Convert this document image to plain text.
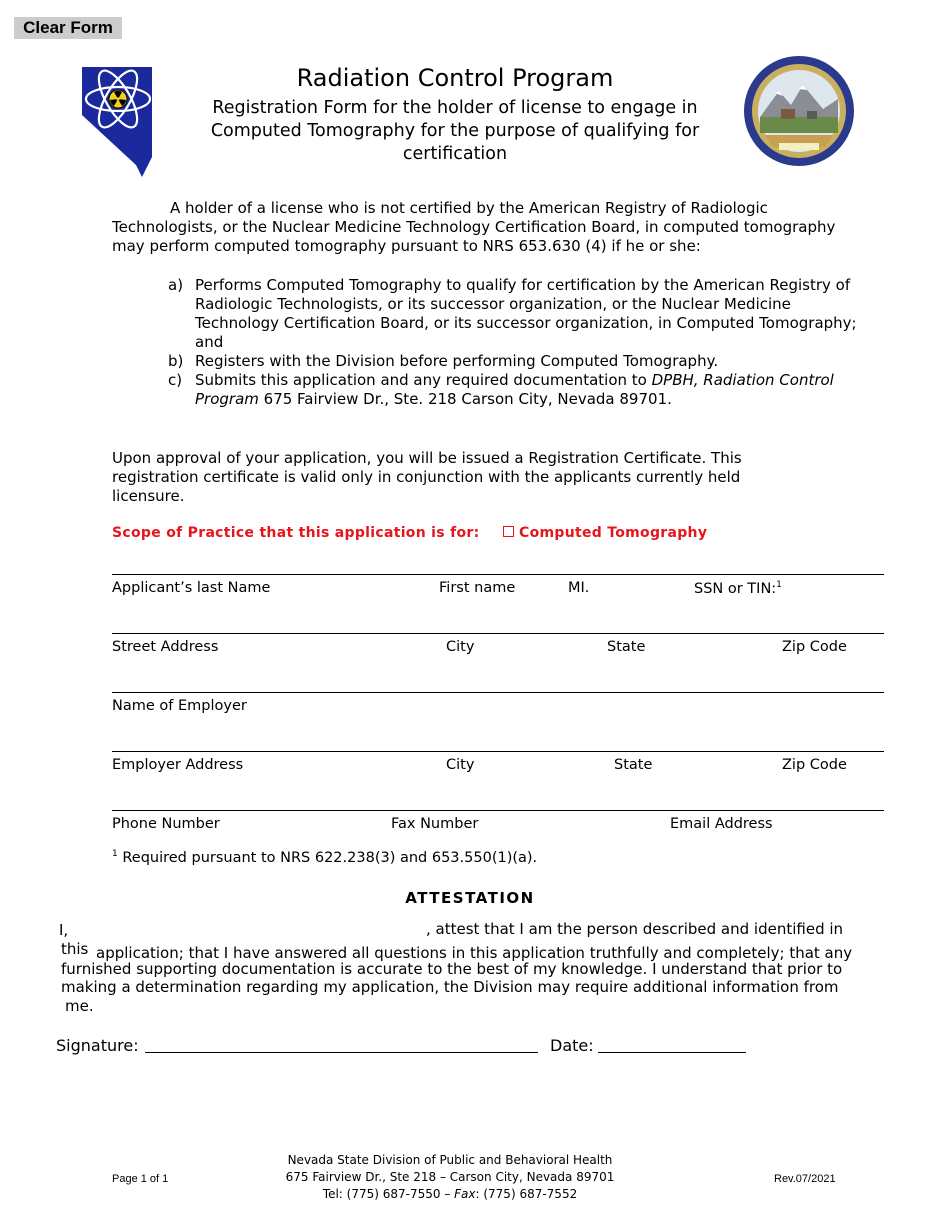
Clear Form
Radiation Control Program
Registration Form for the holder of license to engage in Computed Tomography for the purpose of qualifying for certification
A holder of a license who is not certified by the American Registry of Radiologic Technologists, or the Nuclear Medicine Technology Certification Board, in computed tomography may perform computed tomography pursuant to NRS 653.630 (4) if he or she:
a) Performs Computed Tomography to qualify for certification by the American Registry of Radiologic Technologists, or its successor organization, or the Nuclear Medicine Technology Certification Board, or its successor organization, in Computed Tomography; and
b) Registers with the Division before performing Computed Tomography.
c) Submits this application and any required documentation to DPBH, Radiation Control Program 675 Fairview Dr., Ste. 218 Carson City, Nevada 89701.
Upon approval of your application, you will be issued a Registration Certificate. This registration certificate is valid only in conjunction with the applicants currently held licensure.
Scope of Practice that this application is for:	Computed Tomography
Applicant’s last Name	First name	MI.	SSN or TIN:$^1$
Street Address	City	State	Zip Code
Name of Employer
Employer Address	City	State	Zip Code
Phone Number	Fax Number	Email Address
$^1$ Required pursuant to NRS 622.238(3) and 653.550(1)(a).
ATTESTATION
I,	, attest that I am the person described and identified in
this application; that I have answered all questions in this application truthfully and completely; that any
furnished supporting documentation is accurate to the best of my knowledge. I understand that prior to
making a determination regarding my application, the Division may require additional information from
me.
Signature:	Date:
Page 1 of 1
Nevada State Division of Public and Behavioral Health
675 Fairview Dr., Ste 218 – Carson City, Nevada 89701
Tel: (775) 687-7550 – Fax: (775) 687-7552
Rev.07/2021
